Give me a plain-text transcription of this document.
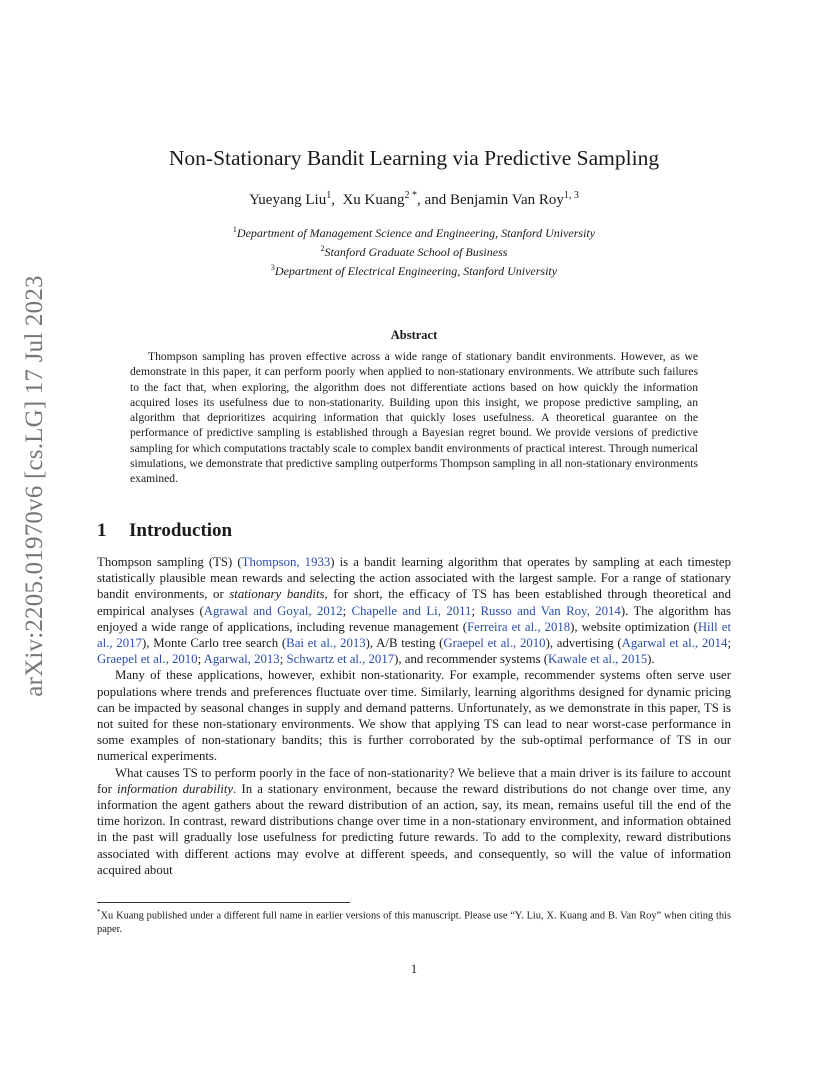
arXiv:2205.01970v6 [cs.LG] 17 Jul 2023
Non-Stationary Bandit Learning via Predictive Sampling
Yueyang Liu$^1$,  Xu Kuang$^{2 *}$, and Benjamin Van Roy$^{1, 3}$
$^1$Department of Management Science and Engineering, Stanford University
$^2$Stanford Graduate School of Business
$^3$Department of Electrical Engineering, Stanford University
Abstract

Thompson sampling has proven effective across a wide range of stationary bandit environments. However, as we demonstrate in this paper, it can perform poorly when applied to non-stationary environments. We attribute such failures to the fact that, when exploring, the algorithm does not differentiate actions based on how quickly the information acquired loses its usefulness due to non-stationarity. Building upon this insight, we propose predictive sampling, an algorithm that deprioritizes acquiring information that quickly loses usefulness. A theoretical guarantee on the performance of predictive sampling is established through a Bayesian regret bound. We provide versions of predictive sampling for which computations tractably scale to complex bandit environments of practical interest. Through numerical simulations, we demonstrate that predictive sampling outperforms Thompson sampling in all non-stationary environments examined.

1 Introduction

Thompson sampling (TS) (Thompson, 1933) is a bandit learning algorithm that operates by sampling at each timestep statistically plausible mean rewards and selecting the action associated with the largest sample. For a range of stationary bandit environments, or stationary bandits, for short, the efficacy of TS has been established through theoretical and empirical analyses (Agrawal and Goyal, 2012; Chapelle and Li, 2011; Russo and Van Roy, 2014). The algorithm has enjoyed a wide range of applications, including revenue management (Ferreira et al., 2018), website optimization (Hill et al., 2017), Monte Carlo tree search (Bai et al., 2013), A/B testing (Graepel et al., 2010), advertising (Agarwal et al., 2014; Graepel et al., 2010; Agarwal, 2013; Schwartz et al., 2017), and recommender systems (Kawale et al., 2015).

Many of these applications, however, exhibit non-stationarity. For example, recommender systems often serve user populations where trends and preferences fluctuate over time. Similarly, learning algorithms designed for dynamic pricing can be impacted by seasonal changes in supply and demand patterns. Unfortunately, as we demonstrate in this paper, TS is not suited for these non-stationary environments. We show that applying TS can lead to near worst-case performance in some examples of non-stationary bandits; this is further corroborated by the sub-optimal performance of TS in our numerical experiments.

What causes TS to perform poorly in the face of non-stationarity? We believe that a main driver is its failure to account for information durability. In a stationary environment, because the reward distributions do not change over time, any information the agent gathers about the reward distribution of an action, say, its mean, remains useful till the end of the time horizon. In contrast, reward distributions change over time in a non-stationary environment, and information obtained in the past will gradually lose usefulness for predicting future rewards. To add to the complexity, reward distributions associated with different actions may evolve at different speeds, and consequently, so will the value of information acquired about

*Xu Kuang published under a different full name in earlier versions of this manuscript. Please use “Y. Liu, X. Kuang and B. Van Roy” when citing this paper.

1
